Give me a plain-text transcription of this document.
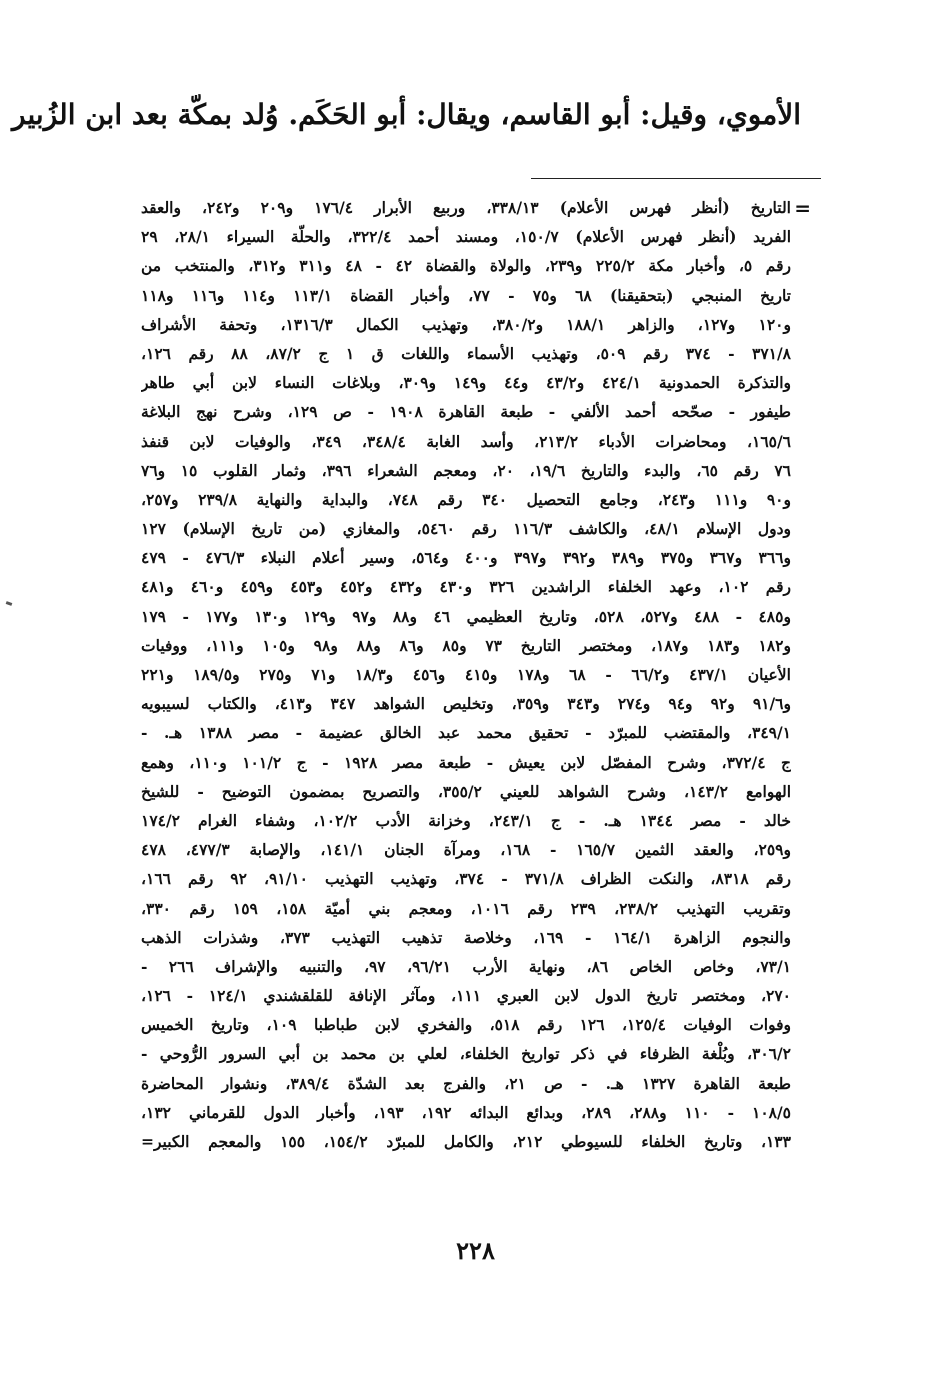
الأموي، وقيل: أبو القاسم، ويقال: أبو الحَكَم. وُلد بمكّة بعد ابن الزُبير
=
التاريخ (أنظر فهرس الأعلام) ٣٣٨/١٣، وربيع الأبرار ١٧٦/٤ و٢٠٩ و٢٤٢، والعقد
الفريد (أنظر فهرس الأعلام) ١٥٠/٧، ومسند أحمد ٣٢٢/٤، والحلّة السيراء ٢٨/١، ٢٩
رقم ٥، وأخبار مكة ٢٢٥/٢ و٢٣٩، والولاة والقضاة ٤٢ - ٤٨ و٣١١ و٣١٢، والمنتخب من
تاريخ المنبجي (بتحقيقنا) ٦٨ و٧٥ - ٧٧، وأخبار القضاة ١١٣/١ و١١٤ و١١٦ و١١٨
و١٢٠ و١٢٧، والزاهر ١٨٨/١ و٣٨٠/٢، وتهذيب الكمال ١٣١٦/٣، وتحفة الأشراف
٣٧١/٨ - ٣٧٤ رقم ٥٠٩، وتهذيب الأسماء واللغات ق ١ ج ٨٧/٢، ٨٨ رقم ١٢٦،
والتذكرة الحمدونية ٤٢٤/١ و٤٣/٢ و٤٤ و١٤٩ و٣٠٩، وبلاغات النساء لابن أبي طاهر
طيفور - صحّحه أحمد الألفي - طبعة القاهرة ١٩٠٨ - ص ١٢٩، وشرح نهج البلاغة
١٦٥/٦، ومحاضرات الأدباء ٢١٣/٢، وأسد الغابة ٣٤٨/٤، ٣٤٩، والوفيات لابن قنفذ
٧٦ رقم ٦٥، والبدء والتاريخ ١٩/٦، ٢٠، ومعجم الشعراء ٣٩٦، وثمار القلوب ١٥ و٧٦
و٩٠ و١١١ و٢٤٣، وجامع التحصيل ٣٤٠ رقم ٧٤٨، والبداية والنهاية ٢٣٩/٨ و٢٥٧،
ودول الإسلام ٤٨/١، والكاشف ١١٦/٣ رقم ٥٤٦٠، والمغازي (من تاريخ الإسلام) ١٢٧
و٣٦٦ و٣٦٧ و٣٧٥ و٣٨٩ و٣٩٢ و٣٩٧ و٤٠٠ و٥٦٤، وسير أعلام النبلاء ٤٧٦/٣ - ٤٧٩
رقم ١٠٢، وعهد الخلفاء الراشدين ٣٢٦ و٤٣٠ و٤٣٢ و٤٥٢ و٤٥٣ و٤٥٩ و٤٦٠ و٤٨١
و٤٨٥ - ٤٨٨ و٥٢٧، ٥٢٨، وتاريخ العظيمي ٤٦ و٨٨ و٩٧ و١٢٩ و١٣٠ و١٧٧ - ١٧٩
و١٨٢ و١٨٣ و١٨٧، ومختصر التاريخ ٧٣ و٨٥ و٨٦ و٨٨ و٩٨ و١٠٥ و١١١، ووفيات
الأعيان ٤٣٧/١ و٦٦/٢ - ٦٨ و١٧٨ و٤١٥ و٤٥٦ و١٨/٣ و٧١ و٢٧٥ و١٨٩/٥ و٢٢١
و٩١/٦ و٩٢ و٩٤ و٢٧٤ و٣٤٣ و٣٥٩، وتخليص الشواهد ٣٤٧ و٤١٣، والكتاب لسيبويه
٣٤٩/١، والمقتضب للمبرّد - تحقيق محمد عبد الخالق عضيمة - مصر ١٣٨٨ هـ. -
ج ٣٧٢/٤، وشرح المفصّل لابن يعيش - طبعة مصر ١٩٢٨ - ج ١٠١/٢ و١١٠، وهمع
الهوامع ١٤٣/٢، وشرح الشواهد للعيني ٣٥٥/٢، والتصريح بمضمون التوضيح - للشيخ
خالد - مصر ١٣٤٤ هـ. - ج ٢٤٣/١، وخزانة الأدب ١٠٢/٢، وشفاء الغرام ١٧٤/٢
و٢٥٩، والعقد الثمين ١٦٥/٧ - ١٦٨، ومرآة الجنان ١٤١/١، والإصابة ٤٧٧/٣، ٤٧٨
رقم ٨٣١٨، والنكت الظراف ٣٧١/٨ - ٣٧٤، وتهذيب التهذيب ٩١/١٠، ٩٢ رقم ١٦٦،
وتقريب التهذيب ٢٣٨/٢، ٢٣٩ رقم ١٠١٦، ومعجم بني أميّة ١٥٨، ١٥٩ رقم ٣٣٠،
والنجوم الزاهرة ١٦٤/١ - ١٦٩، وخلاصة تذهيب التهذيب ٣٧٣، وشذرات الذهب
٧٣/١، وخاص الخاص ٨٦، ونهاية الأرب ٩٦/٢١، ٩٧، والتنبيه والإشراف ٢٦٦ -
٢٧٠، ومختصر تاريخ الدول لابن العبري ١١١، ومآثر الإنافة للقلقشندي ١٢٤/١ - ١٢٦،
وفوات الوفيات ١٢٥/٤، ١٢٦ رقم ٥١٨، والفخري لابن طباطبا ١٠٩، وتاريخ الخميس
٣٠٦/٢، وبُلْغة الظرفاء في ذكر تواريخ الخلفاء، لعلي بن محمد بن أبي السرور الرُّوحي -
طبعة القاهرة ١٣٢٧ هـ. - ص ٢١، والفرج بعد الشدّة ٣٨٩/٤، ونشوار المحاضرة
١٠٨/٥ - ١١٠ و٢٨٨، ٢٨٩، وبدائع البدائه ١٩٢، ١٩٣، وأخبار الدول للقرماني ١٣٢،
١٣٣، وتاريخ الخلفاء للسيوطي ٢١٢، والكامل للمبرّد ١٥٤/٢، ١٥٥ والمعجم الكبير=
٢٢٨
